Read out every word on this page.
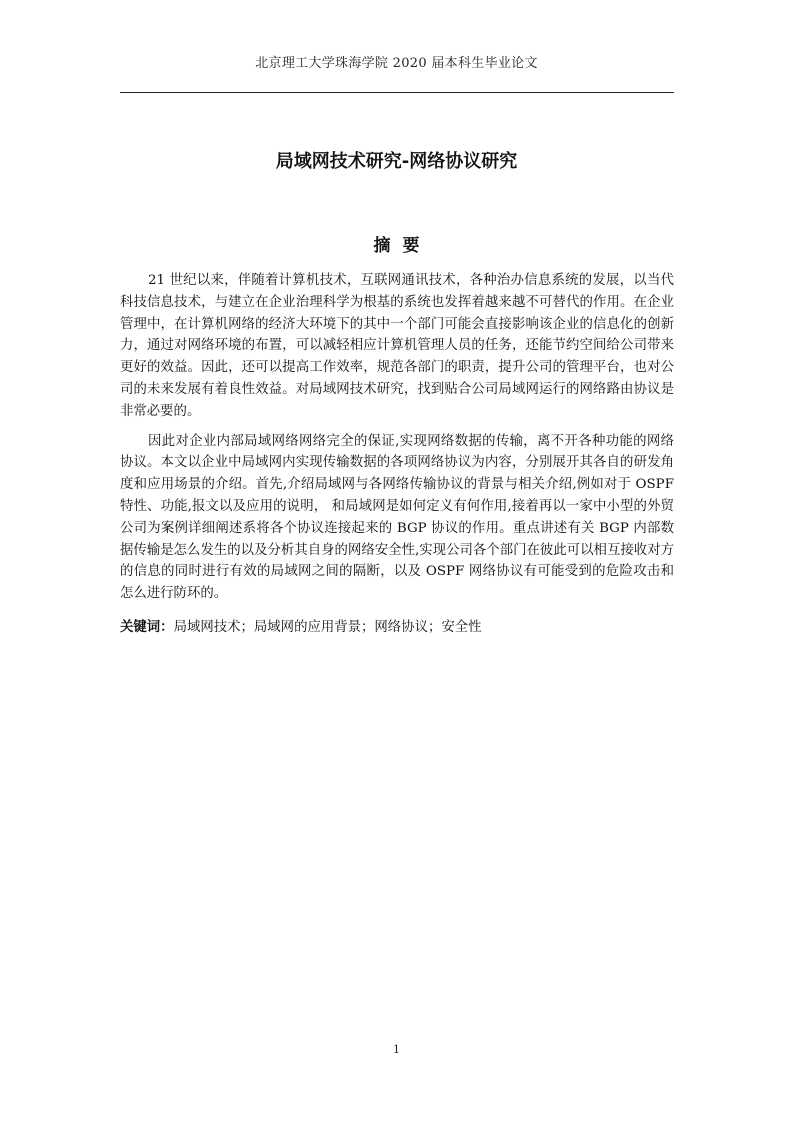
北京理工大学珠海学院 2020 届本科生毕业论文
局域网技术研究-网络协议研究
摘要

21 世纪以来，伴随着计算机技术，互联网通讯技术，各种治办信息系统的发展，以当代科技信息技术，与建立在企业治理科学为根基的系统也发挥着越来越不可替代的作用。在企业管理中，在计算机网络的经济大环境下的其中一个部门可能会直接影响该企业的信息化的创新力，通过对网络环境的布置，可以减轻相应计算机管理人员的任务，还能节约空间给公司带来更好的效益。因此，还可以提高工作效率，规范各部门的职责，提升公司的管理平台，也对公司的未来发展有着良性效益。对局域网技术研究，找到贴合公司局域网运行的网络路由协议是非常必要的。

因此对企业内部局域网络网络完全的保证,实现网络数据的传输，离不开各种功能的网络协议。本文以企业中局域网内实现传输数据的各项网络协议为内容，分别展开其各自的研发角度和应用场景的介绍。首先,介绍局域网与各网络传输协议的背景与相关介绍,例如对于 OSPF 特性、功能,报文以及应用的说明， 和局域网是如何定义有何作用,接着再以一家中小型的外贸公司为案例详细阐述系将各个协议连接起来的 BGP 协议的作用。重点讲述有关 BGP 内部数据传输是怎么发生的以及分析其自身的网络安全性,实现公司各个部门在彼此可以相互接收对方的信息的同时进行有效的局域网之间的隔断，以及 OSPF 网络协议有可能受到的危险攻击和怎么进行防环的。

关键词：局域网技术；局域网的应用背景；网络协议；安全性
1
